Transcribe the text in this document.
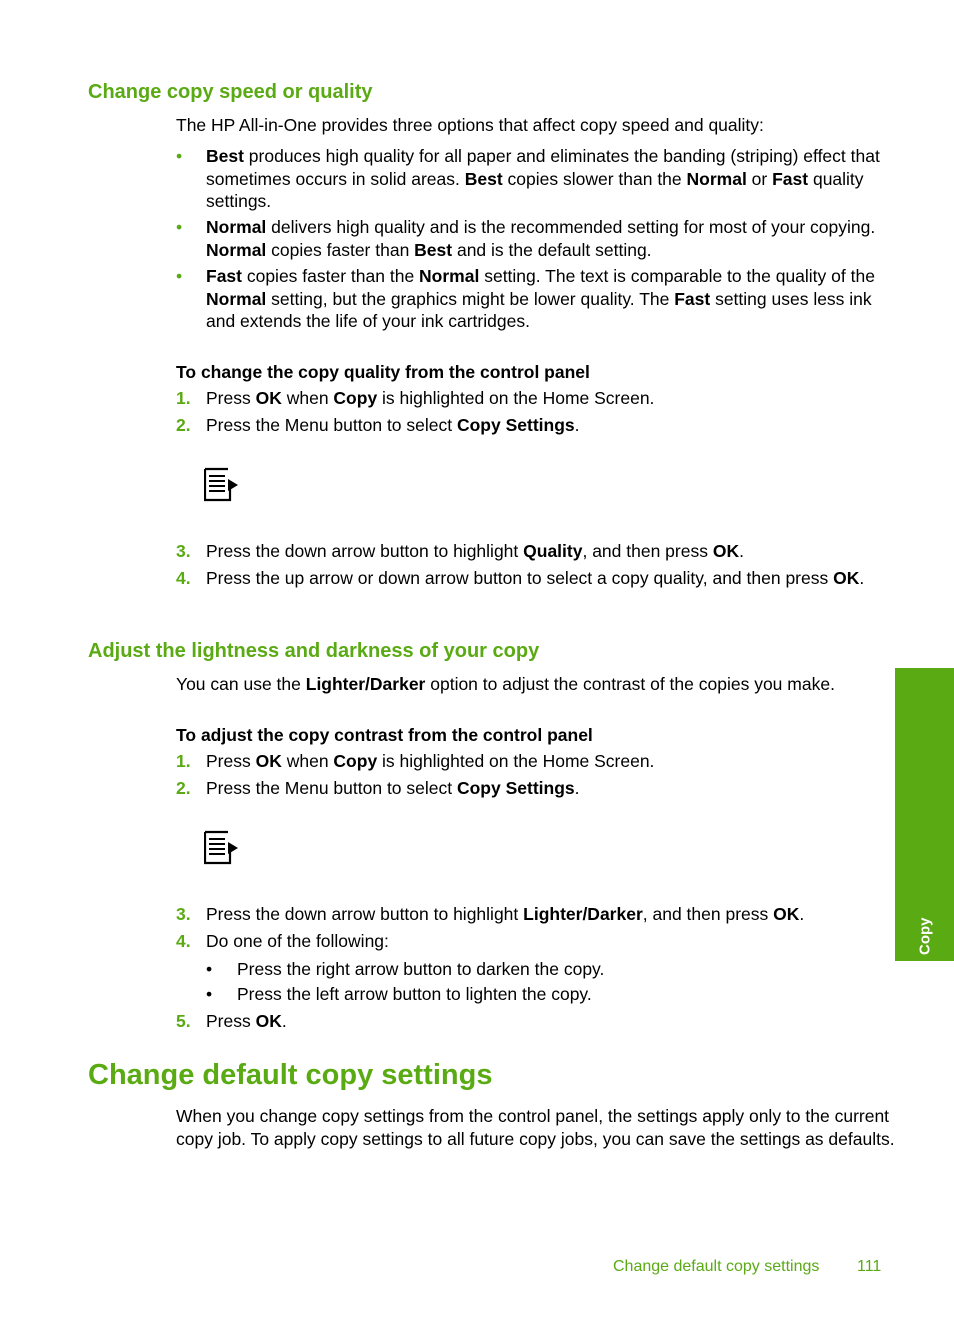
Change copy speed or quality

The HP All-in-One provides three options that affect copy speed and quality:

• Best produces high quality for all paper and eliminates the banding (striping) effect that sometimes occurs in solid areas. Best copies slower than the Normal or Fast quality settings.
• Normal delivers high quality and is the recommended setting for most of your copying. Normal copies faster than Best and is the default setting.
• Fast copies faster than the Normal setting. The text is comparable to the quality of the Normal setting, but the graphics might be lower quality. The Fast setting uses less ink and extends the life of your ink cartridges.
To change the copy quality from the control panel
1. Press OK when Copy is highlighted on the Home Screen.
2. Press the Menu button to select Copy Settings.
3. Press the down arrow button to highlight Quality, and then press OK.
4. Press the up arrow or down arrow button to select a copy quality, and then press OK.
Adjust the lightness and darkness of your copy

You can use the Lighter/Darker option to adjust the contrast of the copies you make.

To adjust the copy contrast from the control panel
1. Press OK when Copy is highlighted on the Home Screen.
2. Press the Menu button to select Copy Settings.
3. Press the down arrow button to highlight Lighter/Darker, and then press OK.
4. Do one of the following:
• Press the right arrow button to darken the copy.
• Press the left arrow button to lighten the copy.
5. Press OK.
Change default copy settings

When you change copy settings from the control panel, the settings apply only to the current copy job. To apply copy settings to all future copy jobs, you can save the settings as defaults.

Copy
Change default copy settings 111
